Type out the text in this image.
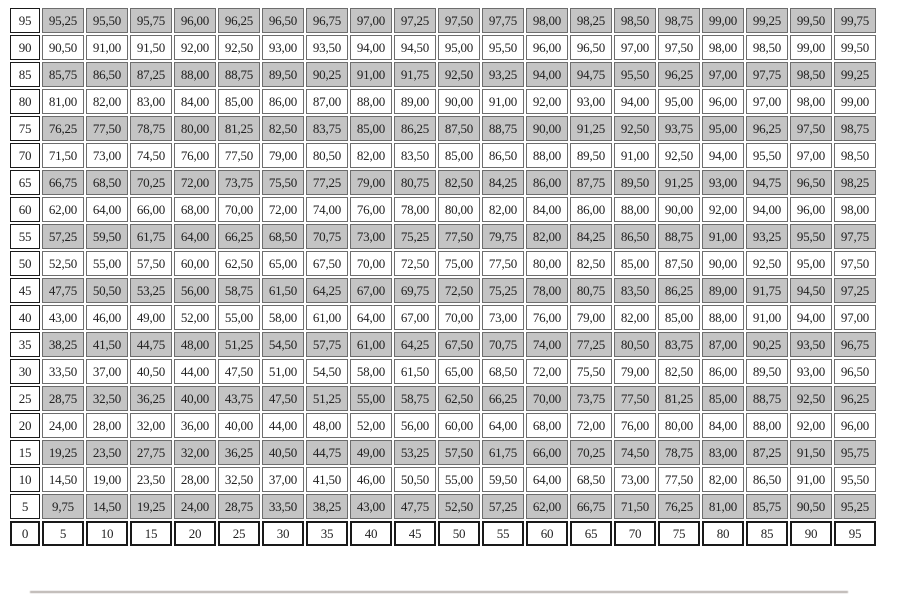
95	95,25	95,50	95,75	96,00	96,25	96,50	96,75	97,00	97,25	97,50	97,75	98,00	98,25	98,50	98,75	99,00	99,25	99,50	99,75
90	90,50	91,00	91,50	92,00	92,50	93,00	93,50	94,00	94,50	95,00	95,50	96,00	96,50	97,00	97,50	98,00	98,50	99,00	99,50
85	85,75	86,50	87,25	88,00	88,75	89,50	90,25	91,00	91,75	92,50	93,25	94,00	94,75	95,50	96,25	97,00	97,75	98,50	99,25
80	81,00	82,00	83,00	84,00	85,00	86,00	87,00	88,00	89,00	90,00	91,00	92,00	93,00	94,00	95,00	96,00	97,00	98,00	99,00
75	76,25	77,50	78,75	80,00	81,25	82,50	83,75	85,00	86,25	87,50	88,75	90,00	91,25	92,50	93,75	95,00	96,25	97,50	98,75
70	71,50	73,00	74,50	76,00	77,50	79,00	80,50	82,00	83,50	85,00	86,50	88,00	89,50	91,00	92,50	94,00	95,50	97,00	98,50
65	66,75	68,50	70,25	72,00	73,75	75,50	77,25	79,00	80,75	82,50	84,25	86,00	87,75	89,50	91,25	93,00	94,75	96,50	98,25
60	62,00	64,00	66,00	68,00	70,00	72,00	74,00	76,00	78,00	80,00	82,00	84,00	86,00	88,00	90,00	92,00	94,00	96,00	98,00
55	57,25	59,50	61,75	64,00	66,25	68,50	70,75	73,00	75,25	77,50	79,75	82,00	84,25	86,50	88,75	91,00	93,25	95,50	97,75
50	52,50	55,00	57,50	60,00	62,50	65,00	67,50	70,00	72,50	75,00	77,50	80,00	82,50	85,00	87,50	90,00	92,50	95,00	97,50
45	47,75	50,50	53,25	56,00	58,75	61,50	64,25	67,00	69,75	72,50	75,25	78,00	80,75	83,50	86,25	89,00	91,75	94,50	97,25
40	43,00	46,00	49,00	52,00	55,00	58,00	61,00	64,00	67,00	70,00	73,00	76,00	79,00	82,00	85,00	88,00	91,00	94,00	97,00
35	38,25	41,50	44,75	48,00	51,25	54,50	57,75	61,00	64,25	67,50	70,75	74,00	77,25	80,50	83,75	87,00	90,25	93,50	96,75
30	33,50	37,00	40,50	44,00	47,50	51,00	54,50	58,00	61,50	65,00	68,50	72,00	75,50	79,00	82,50	86,00	89,50	93,00	96,50
25	28,75	32,50	36,25	40,00	43,75	47,50	51,25	55,00	58,75	62,50	66,25	70,00	73,75	77,50	81,25	85,00	88,75	92,50	96,25
20	24,00	28,00	32,00	36,00	40,00	44,00	48,00	52,00	56,00	60,00	64,00	68,00	72,00	76,00	80,00	84,00	88,00	92,00	96,00
15	19,25	23,50	27,75	32,00	36,25	40,50	44,75	49,00	53,25	57,50	61,75	66,00	70,25	74,50	78,75	83,00	87,25	91,50	95,75
10	14,50	19,00	23,50	28,00	32,50	37,00	41,50	46,00	50,50	55,00	59,50	64,00	68,50	73,00	77,50	82,00	86,50	91,00	95,50
5	9,75	14,50	19,25	24,00	28,75	33,50	38,25	43,00	47,75	52,50	57,25	62,00	66,75	71,50	76,25	81,00	85,75	90,50	95,25
0	5	10	15	20	25	30	35	40	45	50	55	60	65	70	75	80	85	90	95
